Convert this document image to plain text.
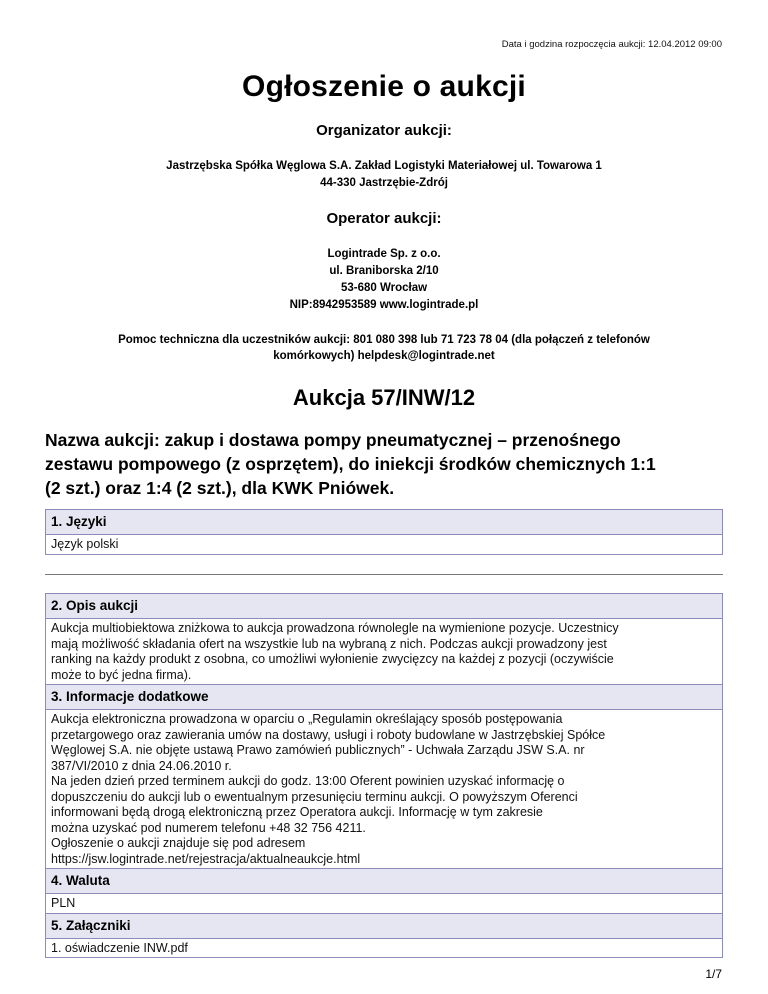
Data i godzina rozpoczęcia aukcji: 12.04.2012 09:00
Ogłoszenie o aukcji
Organizator aukcji:
Jastrzębska Spółka Węglowa S.A. Zakład Logistyki Materiałowej ul. Towarowa 1
44-330 Jastrzębie-Zdrój
Operator aukcji:
Logintrade Sp. z o.o.
ul. Braniborska 2/10
53-680 Wrocław
NIP:8942953589 www.logintrade.pl
Pomoc techniczna dla uczestników aukcji: 801 080 398 lub 71 723 78 04 (dla połączeń z telefonów
komórkowych) helpdesk@logintrade.net
Aukcja 57/INW/12
Nazwa aukcji: zakup i dostawa pompy pneumatycznej – przenośnego
zestawu pompowego (z osprzętem), do iniekcji środków chemicznych 1:1
(2 szt.) oraz 1:4 (2 szt.), dla KWK Pniówek.
1. Języki
Język polski
2. Opis aukcji
Aukcja multiobiektowa zniżkowa to aukcja prowadzona równolegle na wymienione pozycje. Uczestnicy
mają możliwość składania ofert na wszystkie lub na wybraną z nich. Podczas aukcji prowadzony jest
ranking na każdy produkt z osobna, co umożliwi wyłonienie zwycięzcy na każdej z pozycji (oczywiście
może to być jedna firma).
3. Informacje dodatkowe
Aukcja elektroniczna prowadzona w oparciu o „Regulamin określający sposób postępowania
przetargowego oraz zawierania umów na dostawy, usługi i roboty budowlane w Jastrzębskiej Spółce
Węglowej S.A. nie objęte ustawą Prawo zamówień publicznych” - Uchwała Zarządu JSW S.A. nr
387/VI/2010 z dnia 24.06.2010 r.
Na jeden dzień przed terminem aukcji do godz. 13:00 Oferent powinien uzyskać informację o
dopuszczeniu do aukcji lub o ewentualnym przesunięciu terminu aukcji. O powyższym Oferenci
informowani będą drogą elektroniczną przez Operatora aukcji. Informację w tym zakresie
można uzyskać pod numerem telefonu +48 32 756 4211.
Ogłoszenie o aukcji znajduje się pod adresem
https://jsw.logintrade.net/rejestracja/aktualneaukcje.html
4. Waluta
PLN
5. Załączniki
1. oświadczenie INW.pdf
1/7
